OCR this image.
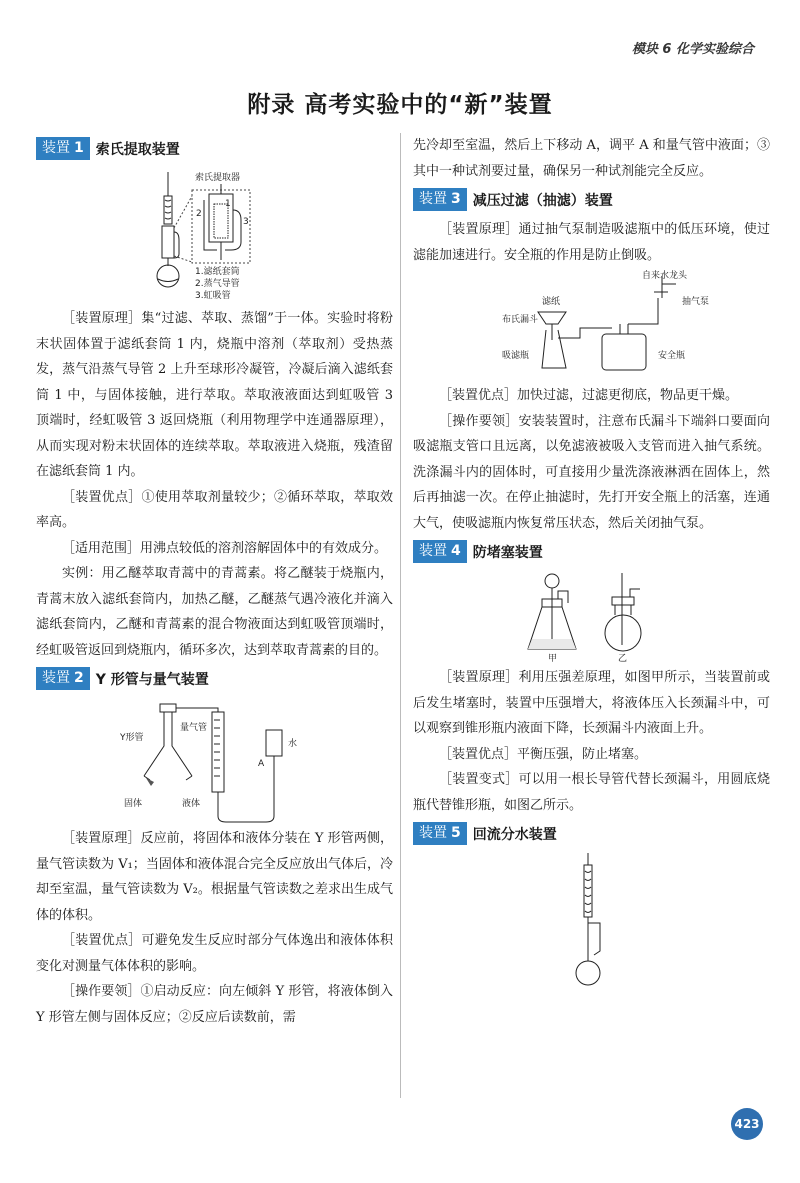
模块 6 化学实验综合
附录 高考实验中的“新”装置
装置 1 索氏提取装置
索氏提取器
2
1
3
1.滤纸套筒
2.蒸气导管
3.虹吸管

［装置原理］集“过滤、萃取、蒸馏”于一体。实验时将粉末状固体置于滤纸套筒 1 内，烧瓶中溶剂（萃取剂）受热蒸发，蒸气沿蒸气导管 2 上升至球形冷凝管，冷凝后滴入滤纸套筒 1 中，与固体接触，进行萃取。萃取液液面达到虹吸管 3 顶端时，经虹吸管 3 返回烧瓶（利用物理学中连通器原理），从而实现对粉末状固体的连续萃取。萃取液进入烧瓶，残渣留在滤纸套筒 1 内。

［装置优点］①使用萃取剂量较少；②循环萃取，萃取效率高。

［适用范围］用沸点较低的溶剂溶解固体中的有效成分。

实例：用乙醚萃取青蒿中的青蒿素。将乙醚装于烧瓶内，青蒿末放入滤纸套筒内，加热乙醚，乙醚蒸气遇冷液化并滴入滤纸套筒内，乙醚和青蒿素的混合物液面达到虹吸管顶端时，经虹吸管返回到烧瓶内，循环多次，达到萃取青蒿素的目的。

装置 2 Y 形管与量气装置
Y形管
量气管
水
A
固体	液体

［装置原理］反应前，将固体和液体分装在 Y 形管两侧，量气管读数为 V₁；当固体和液体混合完全反应放出气体后，冷却至室温，量气管读数为 V₂。根据量气管读数之差求出生成气体的体积。

［装置优点］可避免发生反应时部分气体逸出和液体体积变化对测量气体体积的影响。

［操作要领］①启动反应：向左倾斜 Y 形管，将液体倒入 Y 形管左侧与固体反应；②反应后读数前，需

先冷却至室温，然后上下移动 A，调平 A 和量气管中液面；③其中一种试剂要过量，确保另一种试剂能完全反应。

装置 3 减压过滤（抽滤）装置

［装置原理］通过抽气泵制造吸滤瓶中的低压环境，使过滤能加速进行。安全瓶的作用是防止倒吸。

自来水龙头
抽气泵
滤纸
布氏漏斗
吸滤瓶	安全瓶

［装置优点］加快过滤，过滤更彻底，物品更干燥。

［操作要领］安装装置时，注意布氏漏斗下端斜口要面向吸滤瓶支管口且远离，以免滤液被吸入支管而进入抽气系统。洗涤漏斗内的固体时，可直接用少量洗涤液淋洒在固体上，然后再抽滤一次。在停止抽滤时，先打开安全瓶上的活塞，连通大气，使吸滤瓶内恢复常压状态，然后关闭抽气泵。

装置 4 防堵塞装置
甲	乙

［装置原理］利用压强差原理，如图甲所示，当装置前或后发生堵塞时，装置中压强增大，将液体压入长颈漏斗中，可以观察到锥形瓶内液面下降，长颈漏斗内液面上升。

［装置优点］平衡压强，防止堵塞。

［装置变式］可以用一根长导管代替长颈漏斗，用圆底烧瓶代替锥形瓶，如图乙所示。

装置 5 回流分水装置
423
